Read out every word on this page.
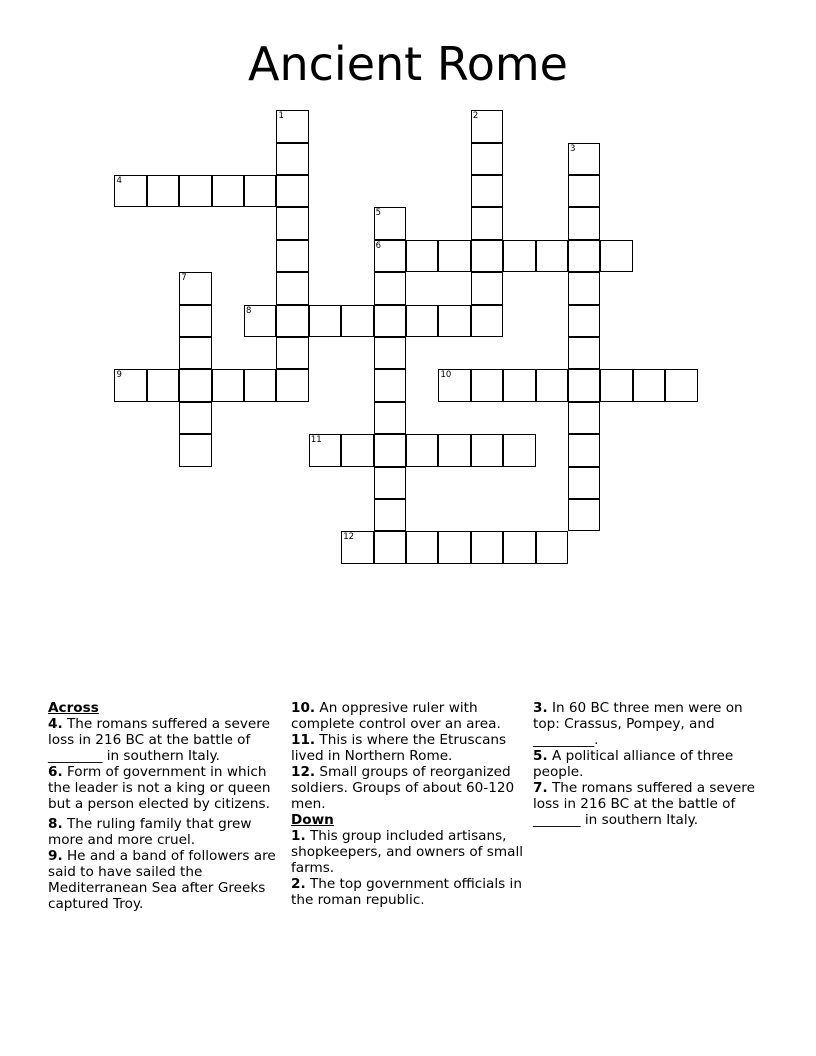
Ancient Rome
1	2
3
4
5
6
7
8
9	10
11
12
Across

4. The romans suffered a severe loss in 216 BC at the battle of ________ in southern Italy.

6. Form of government in which the leader is not a king or queen but a person elected by citizens.

8. The ruling family that grew more and more cruel.

9. He and a band of followers are said to have sailed the Mediterranean Sea after Greeks captured Troy.

10. An oppresive ruler with complete control over an area.

11. This is where the Etruscans lived in Northern Rome.

12. Small groups of reorganized soldiers. Groups of about 60-120 men.

Down

1. This group included artisans, shopkeepers, and owners of small farms.

2. The top government officials in the roman republic.

3. In 60 BC three men were on top: Crassus, Pompey, and _________.

5. A political alliance of three people.

7. The romans suffered a severe loss in 216 BC at the battle of _______ in southern Italy.
